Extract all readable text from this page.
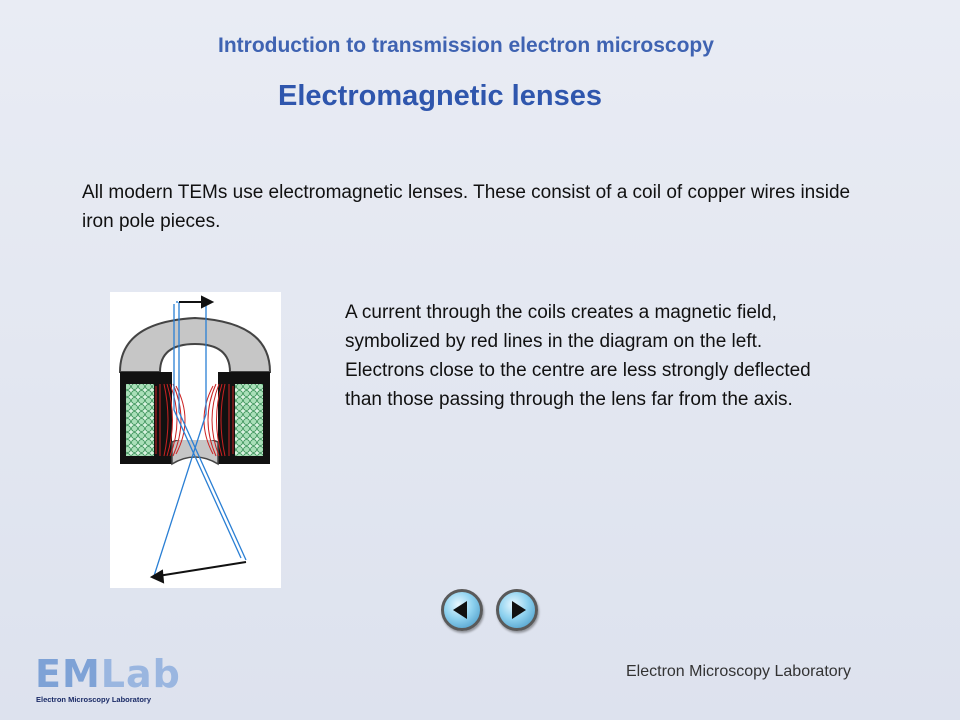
Introduction to transmission electron microscopy
Electromagnetic lenses
All modern TEMs use electromagnetic lenses. These consist of a coil of copper wires inside iron pole pieces.
A current through the coils creates a magnetic field, symbolized by red lines in the diagram on the left. Electrons close to the centre are less strongly deflected than those passing through the lens far from the axis.
EMLab
Electron Microscopy Laboratory
Electron Microscopy Laboratory
